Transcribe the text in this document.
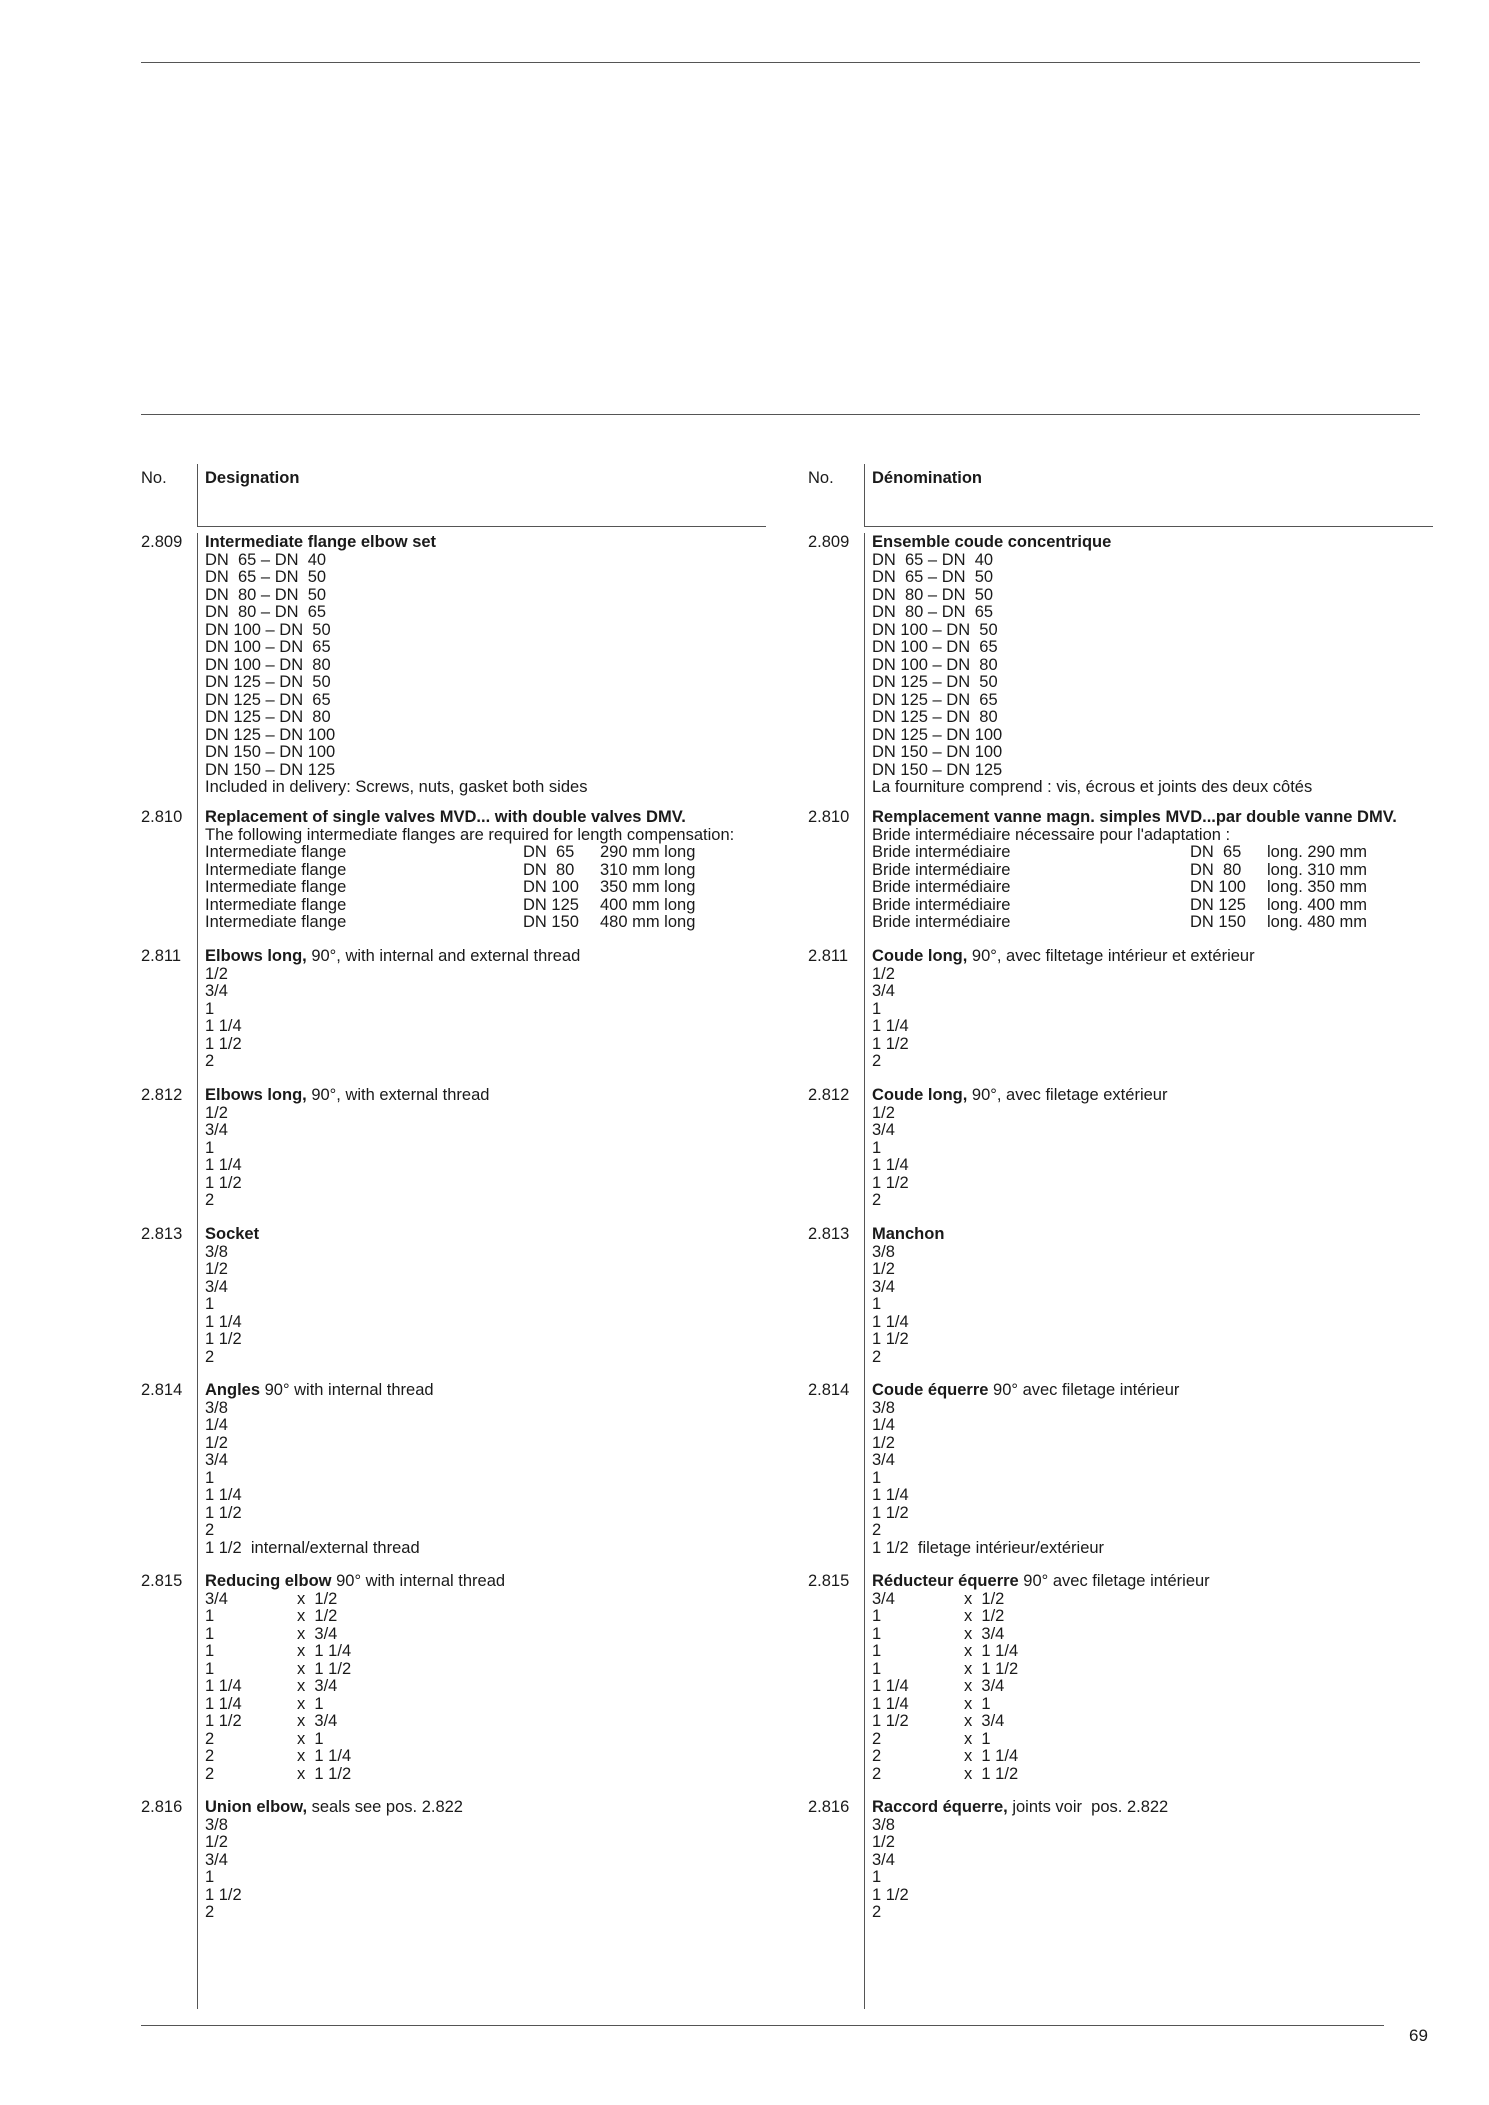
69
No. Designation
2.809 Intermediate flange elbow set
DN  65 – DN  40
DN  65 – DN  50
DN  80 – DN  50
DN  80 – DN  65
DN 100 – DN  50
DN 100 – DN  65
DN 100 – DN  80
DN 125 – DN  50
DN 125 – DN  65
DN 125 – DN  80
DN 125 – DN 100
DN 150 – DN 100
DN 150 – DN 125
Included in delivery: Screws, nuts, gasket both sides
2.810 Replacement of single valves MVD... with double valves DMV.
The following intermediate flanges are required for length compensation:
Intermediate flange	DN  65 290 mm long
Intermediate flange	DN  80 310 mm long
Intermediate flange	DN 100 350 mm long
Intermediate flange	DN 125 400 mm long
Intermediate flange	DN 150 480 mm long
2.811 Elbows long, 90°, with internal and external thread
1/2
3/4
1
1 1/4
1 1/2
2
2.812 Elbows long, 90°, with external thread
1/2
3/4
1
1 1/4
1 1/2
2
2.813 Socket
3/8
1/2
3/4
1
1 1/4
1 1/2
2
2.814 Angles 90° with internal thread
3/8
1/4
1/2
3/4
1
1 1/4
1 1/2
2
1 1/2  internal/external thread
2.815 Reducing elbow 90° with internal thread
3/4	x  1/2
1	x  1/2
1	x  3/4
1	x  1 1/4
1	x  1 1/2
1 1/4	x  3/4
1 1/4	x  1
1 1/2	x  3/4
2	x  1
2	x  1 1/4
2	x  1 1/2
2.816 Union elbow, seals see pos. 2.822
3/8
1/2
3/4
1
1 1/2
2
No. Dénomination
2.809 Ensemble coude concentrique
DN  65 – DN  40
DN  65 – DN  50
DN  80 – DN  50
DN  80 – DN  65
DN 100 – DN  50
DN 100 – DN  65
DN 100 – DN  80
DN 125 – DN  50
DN 125 – DN  65
DN 125 – DN  80
DN 125 – DN 100
DN 150 – DN 100
DN 150 – DN 125
La fourniture comprend : vis, écrous et joints des deux côtés
2.810 Remplacement vanne magn. simples MVD...par double vanne DMV.
Bride intermédiaire nécessaire pour l'adaptation :
Bride intermédiaire	DN  65 long. 290 mm
Bride intermédiaire	DN  80 long. 310 mm
Bride intermédiaire	DN 100 long. 350 mm
Bride intermédiaire	DN 125 long. 400 mm
Bride intermédiaire	DN 150 long. 480 mm
2.811 Coude long, 90°, avec filtetage intérieur et extérieur
1/2
3/4
1
1 1/4
1 1/2
2
2.812 Coude long, 90°, avec filetage extérieur
1/2
3/4
1
1 1/4
1 1/2
2
2.813 Manchon
3/8
1/2
3/4
1
1 1/4
1 1/2
2
2.814 Coude équerre 90° avec filetage intérieur
3/8
1/4
1/2
3/4
1
1 1/4
1 1/2
2
1 1/2  filetage intérieur/extérieur
2.815 Réducteur équerre 90° avec filetage intérieur
3/4	x  1/2
1	x  1/2
1	x  3/4
1	x  1 1/4
1	x  1 1/2
1 1/4	x  3/4
1 1/4	x  1
1 1/2	x  3/4
2	x  1
2	x  1 1/4
2	x  1 1/2
2.816 Raccord équerre, joints voir  pos. 2.822
3/8
1/2
3/4
1
1 1/2
2
